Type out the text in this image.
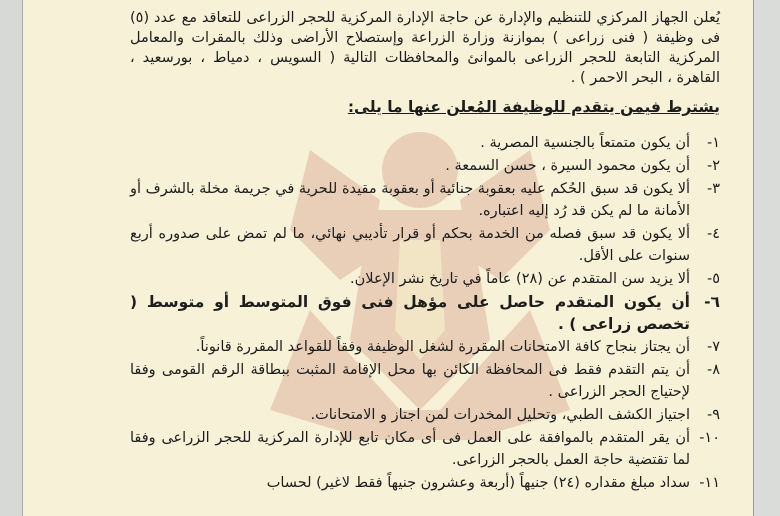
يُعلن الجهاز المركزي للتنظيم والإدارة عن حاجة الإدارة المركزية للحجر الزراعى للتعاقد مع عدد (٥) فى وظيفة ( فنى زراعى ) بموازنة وزارة الزراعة وإستصلاح الأراضى وذلك بالمقرات والمعامل المركزية التابعة للحجر الزراعى بالموانئ والمحافظات التالية ( السويس ، دمياط ، بورسعيد ، القاهرة ، البحر الاحمر ) .

يشترط فيمن يتقدم للوظيفة المُعلن عنها ما يلى:
١-
أن يكون متمتعاً بالجنسية المصرية .
٢-
أن يكون محمود السيرة ، حسن السمعة .
٣-
ألا يكون قد سبق الحُكم عليه بعقوبة جنائية أو بعقوبة مقيدة للحرية في جريمة مخلة بالشرف أو الأمانة ما لم يكن قد رُد إليه اعتباره.
٤-
ألا يكون قد سبق فصله من الخدمة بحكم أو قرار تأديبي نهائي، ما لم تمض على صدوره أربع سنوات على الأقل.
٥-
ألا يزيد سن المتقدم عن (٢٨) عاماً في تاريخ نشر الإعلان.
٦-
أن يكون المتقدم حاصل على مؤهل فنى فوق المتوسط أو متوسط ( تخصص زراعى ) .
٧-
أن يجتاز بنجاح كافة الامتحانات المقررة لشغل الوظيفة وفقاً للقواعد المقررة قانوناً.
٨-
أن يتم التقدم فقط فى المحافظة الكائن بها محل الإقامة المثبت ببطاقة الرقم القومى وفقا لإحتياج الحجر الزراعى .
٩-
اجتياز الكشف الطبي، وتحليل المخدرات لمن اجتاز و الامتحانات.
١٠-
أن يقر المتقدم بالموافقة على العمل فى أى مكان تابع للإدارة المركزية للحجر الزراعى وفقا لما تقتضية حاجة العمل بالحجر الزراعى.
١١-
سداد مبلغ مقداره (٢٤) جنيهاً (أربعة وعشرون جنيهاً فقط لاغير) لحساب
